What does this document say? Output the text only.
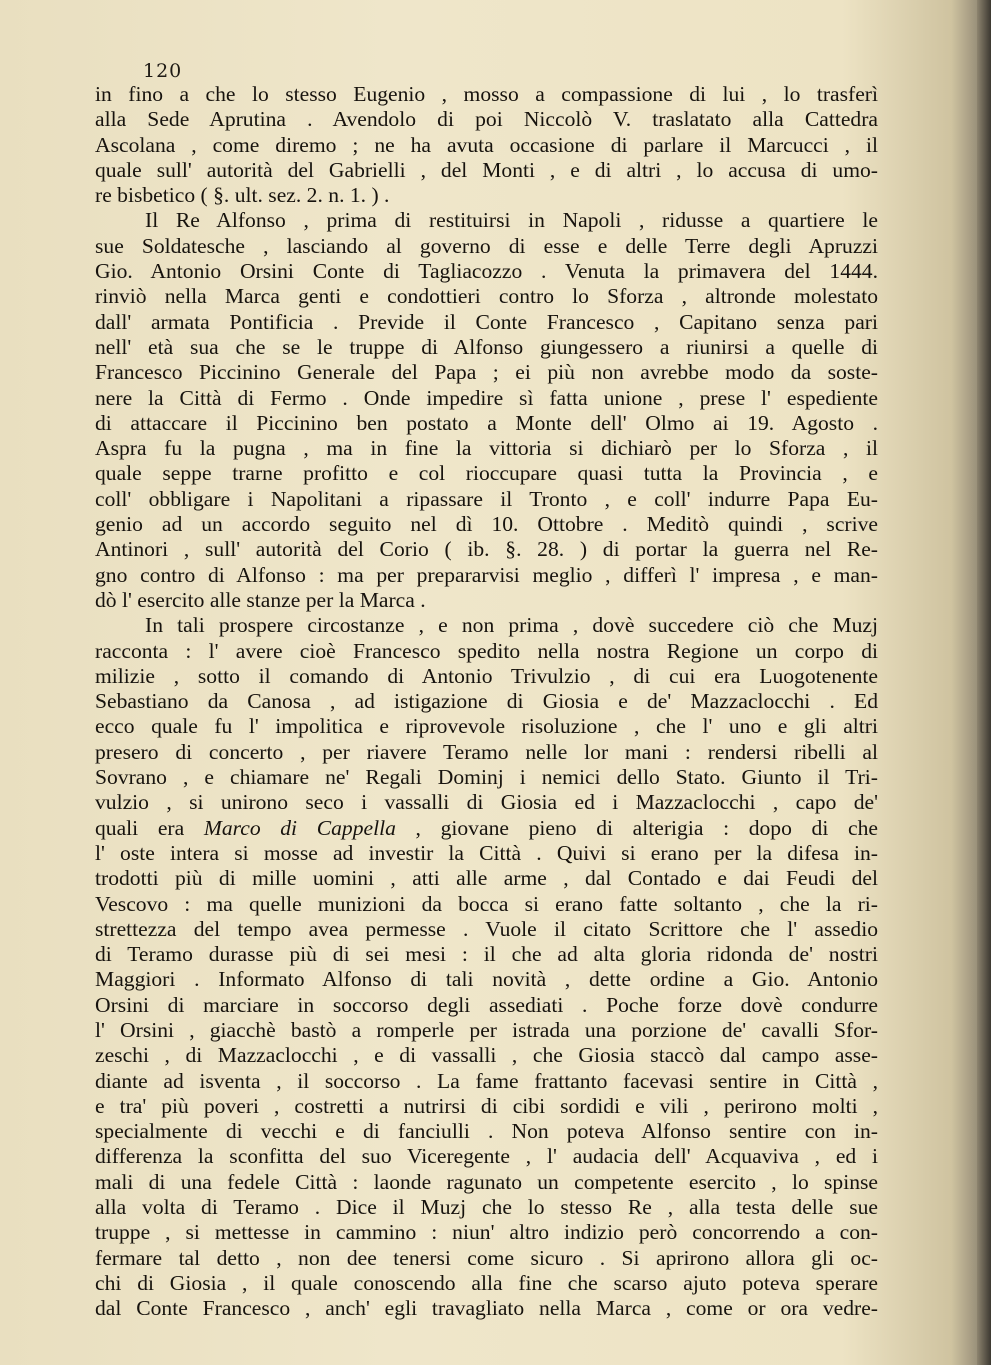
120
in fino a che lo stesso Eugenio , mosso a compassione di lui , lo trasferì
alla Sede Aprutina . Avendolo di poi Niccolò V. traslatato alla Cattedra
Ascolana , come diremo ; ne ha avuta occasione di parlare il Marcucci , il
quale sull' autorità del Gabrielli , del Monti , e di altri , lo accusa di umo-
re bisbetico ( §. ult. sez. 2. n. 1. ) .
Il Re Alfonso , prima di restituirsi in Napoli , ridusse a quartiere le
sue Soldatesche , lasciando al governo di esse e delle Terre degli Apruzzi
Gio. Antonio Orsini Conte di Tagliacozzo . Venuta la primavera del 1444.
rinviò nella Marca genti e condottieri contro lo Sforza , altronde molestato
dall' armata Pontificia . Previde il Conte Francesco , Capitano senza pari
nell' età sua che se le truppe di Alfonso giungessero a riunirsi a quelle di
Francesco Piccinino Generale del Papa ; ei più non avrebbe modo da soste-
nere la Città di Fermo . Onde impedire sì fatta unione , prese l' espediente
di attaccare il Piccinino ben postato a Monte dell' Olmo ai 19. Agosto .
Aspra fu la pugna , ma in fine la vittoria si dichiarò per lo Sforza , il
quale seppe trarne profitto e col rioccupare quasi tutta la Provincia , e
coll' obbligare i Napolitani a ripassare il Tronto , e coll' indurre Papa Eu-
genio ad un accordo seguito nel dì 10. Ottobre . Meditò quindi , scrive
Antinori , sull' autorità del Corio ( ib. §. 28. ) di portar la guerra nel Re-
gno contro di Alfonso : ma per prepararvisi meglio , differì l' impresa , e man-
dò l' esercito alle stanze per la Marca .
In tali prospere circostanze , e non prima , dovè succedere ciò che Muzj
racconta : l' avere cioè Francesco spedito nella nostra Regione un corpo di
milizie , sotto il comando di Antonio Trivulzio , di cui era Luogotenente
Sebastiano da Canosa , ad istigazione di Giosia e de' Mazzaclocchi . Ed
ecco quale fu l' impolitica e riprovevole risoluzione , che l' uno e gli altri
presero di concerto , per riavere Teramo nelle lor mani : rendersi ribelli al
Sovrano , e chiamare ne' Regali Dominj i nemici dello Stato. Giunto il Tri-
vulzio , si unirono seco i vassalli di Giosia ed i Mazzaclocchi , capo de'
quali era Marco di Cappella , giovane pieno di alterigia : dopo di che
l' oste intera si mosse ad investir la Città . Quivi si erano per la difesa in-
trodotti più di mille uomini , atti alle arme , dal Contado e dai Feudi del
Vescovo : ma quelle munizioni da bocca si erano fatte soltanto , che la ri-
strettezza del tempo avea permesse . Vuole il citato Scrittore che l' assedio
di Teramo durasse più di sei mesi : il che ad alta gloria ridonda de' nostri
Maggiori . Informato Alfonso di tali novità , dette ordine a Gio. Antonio
Orsini di marciare in soccorso degli assediati . Poche forze dovè condurre
l' Orsini , giacchè bastò a romperle per istrada una porzione de' cavalli Sfor-
zeschi , di Mazzaclocchi , e di vassalli , che Giosia staccò dal campo asse-
diante ad isventa , il soccorso . La fame frattanto facevasi sentire in Città ,
e tra' più poveri , costretti a nutrirsi di cibi sordidi e vili , perirono molti ,
specialmente di vecchi e di fanciulli . Non poteva Alfonso sentire con in-
differenza la sconfitta del suo Viceregente , l' audacia dell' Acquaviva , ed i
mali di una fedele Città : laonde ragunato un competente esercito , lo spinse
alla volta di Teramo . Dice il Muzj che lo stesso Re , alla testa delle sue
truppe , si mettesse in cammino : niun' altro indizio però concorrendo a con-
fermare tal detto , non dee tenersi come sicuro . Si aprirono allora gli oc-
chi di Giosia , il quale conoscendo alla fine che scarso ajuto poteva sperare
dal Conte Francesco , anch' egli travagliato nella Marca , come or ora vedre-
